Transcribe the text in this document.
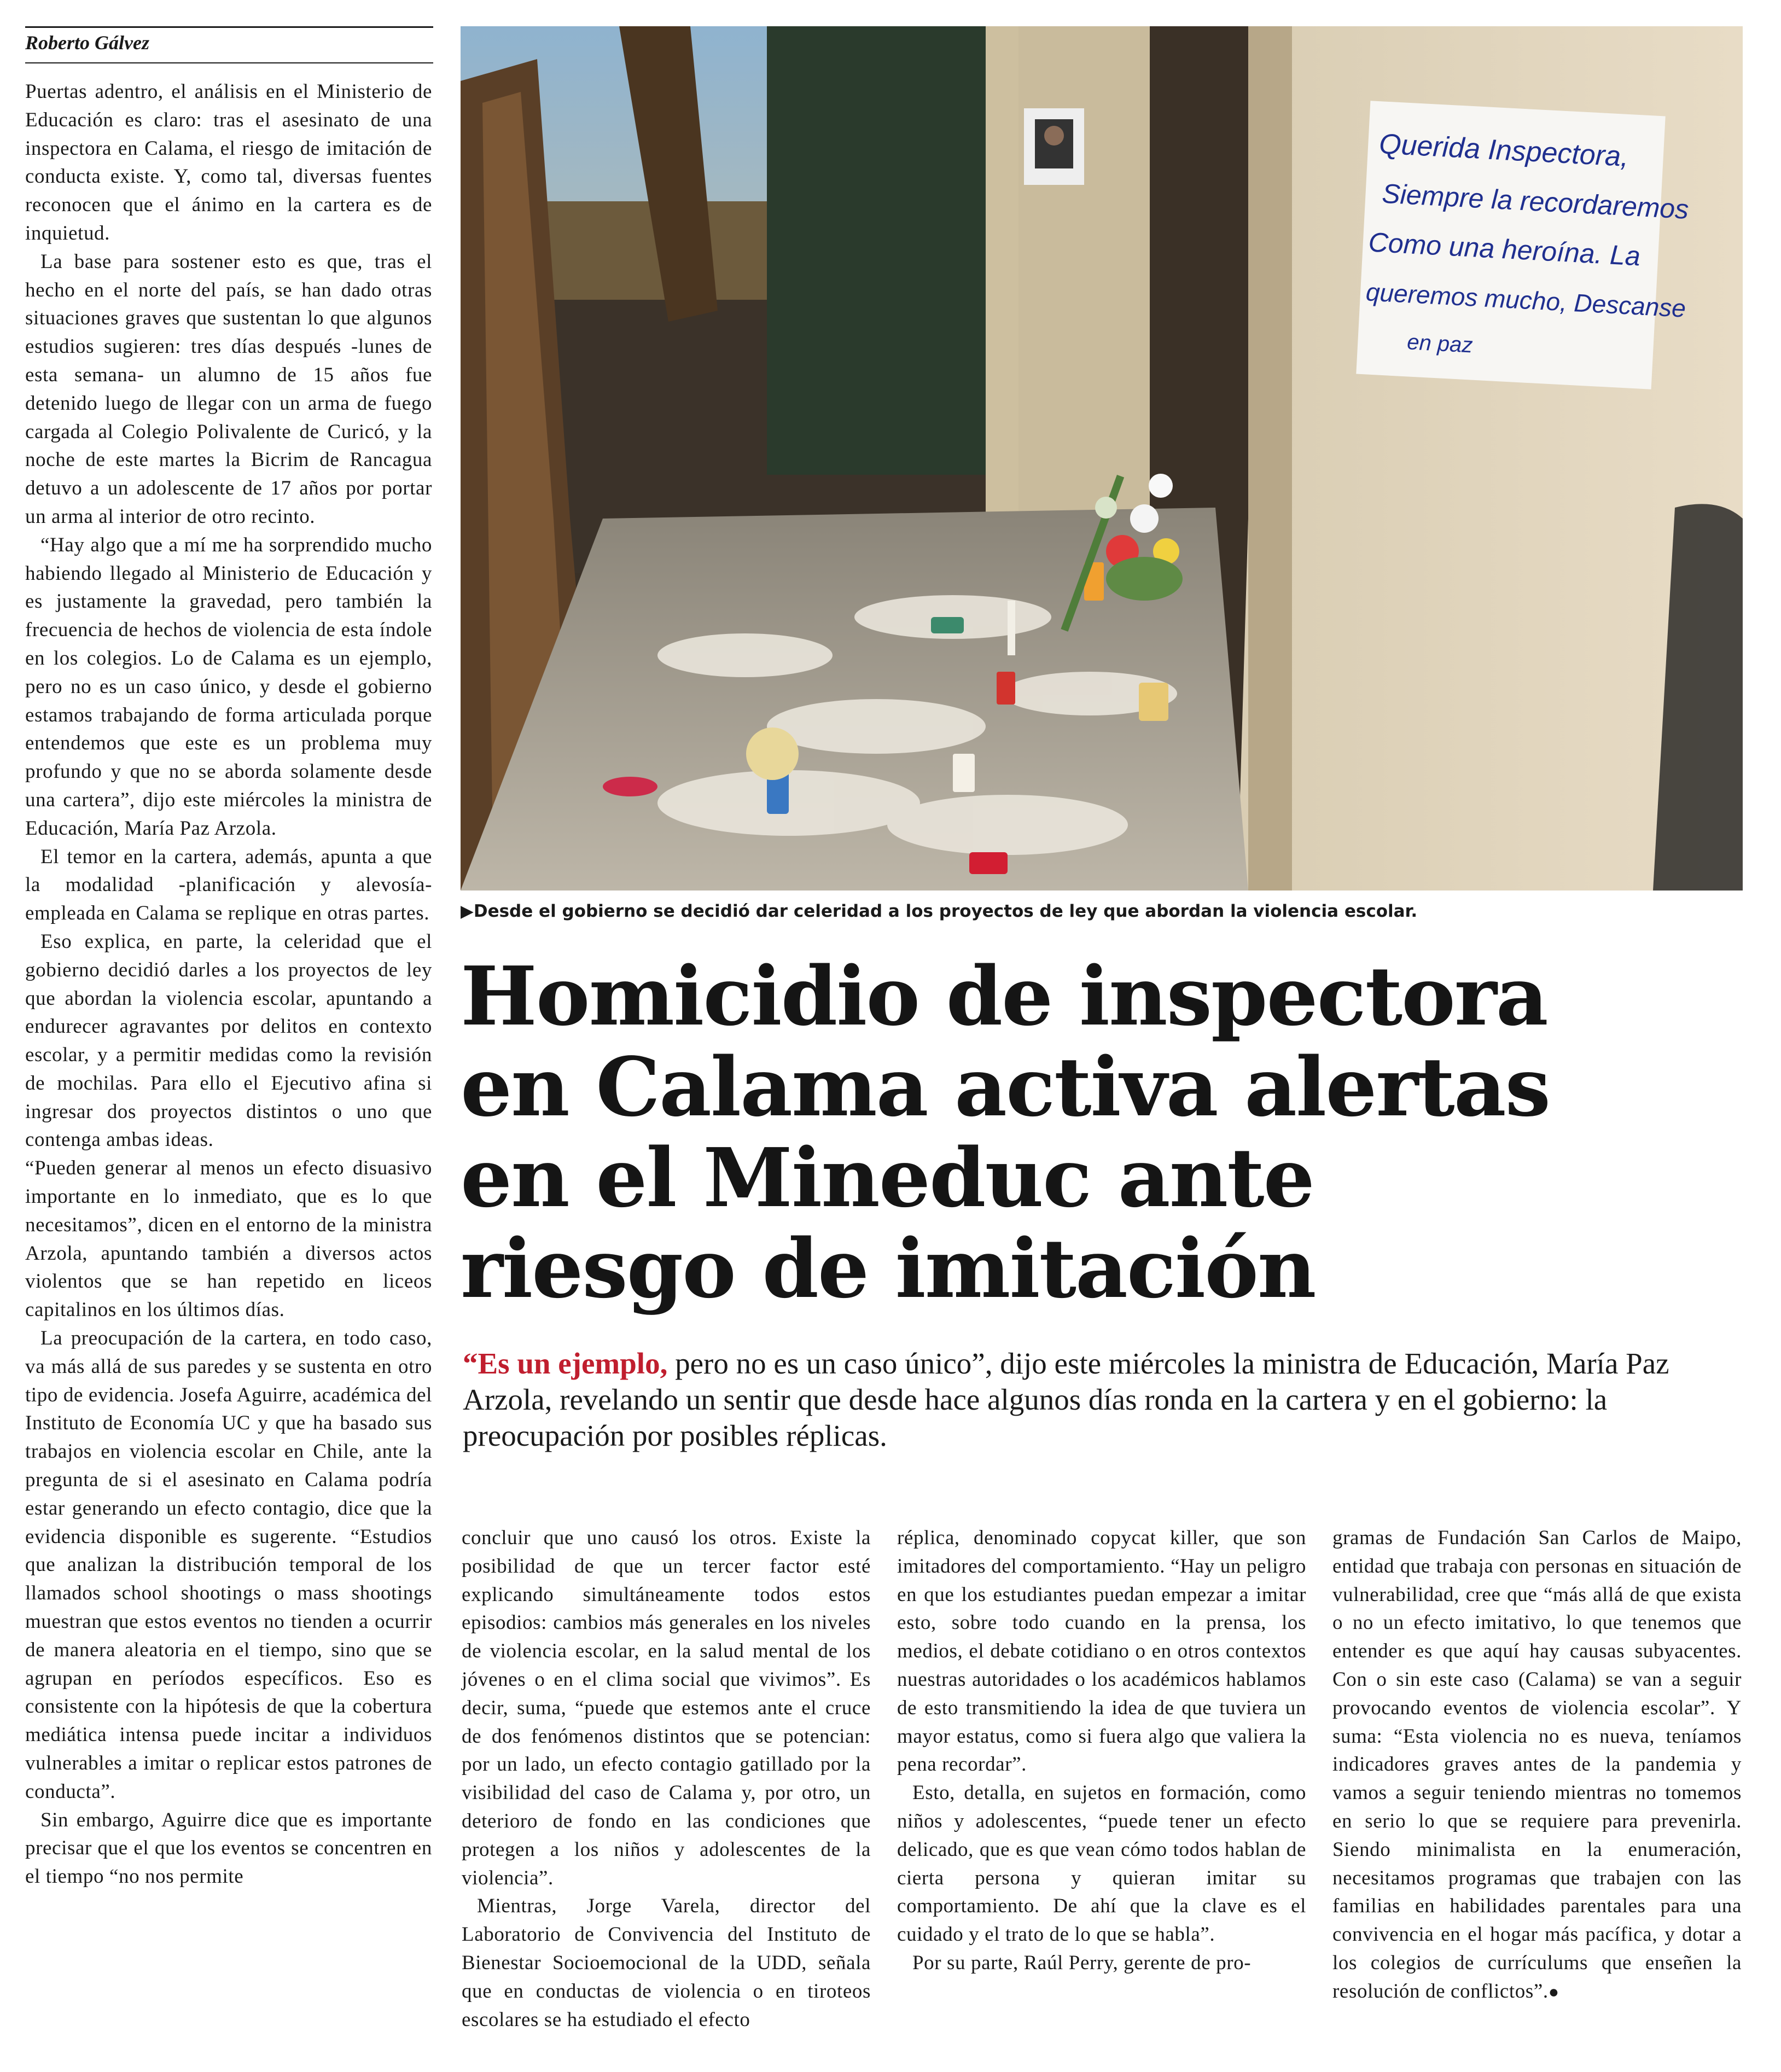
Roberto Gálvez

Puertas adentro, el análisis en el Ministerio de Educación es claro: tras el asesinato de una inspectora en Calama, el riesgo de imitación de conducta existe. Y, como tal, diversas fuentes reconocen que el ánimo en la cartera es de inquietud.

La base para sostener esto es que, tras el hecho en el norte del país, se han dado otras situaciones graves que sustentan lo que algunos estudios sugieren: tres días después -lunes de esta semana- un alumno de 15 años fue detenido luego de llegar con un arma de fuego cargada al Colegio Polivalente de Curicó, y la noche de este martes la Bicrim de Rancagua detuvo a un adolescente de 17 años por portar un arma al interior de otro recinto.

“Hay algo que a mí me ha sorprendido mucho habiendo llegado al Ministerio de Educación y es justamente la gravedad, pero también la frecuencia de hechos de violencia de esta índole en los colegios. Lo de Calama es un ejemplo, pero no es un caso único, y desde el gobierno estamos trabajando de forma articulada porque entendemos que este es un problema muy profundo y que no se aborda solamente desde una cartera”, dijo este miércoles la ministra de Educación, María Paz Arzola.

El temor en la cartera, además, apunta a que la modalidad -planificación y alevosía- empleada en Calama se replique en otras partes.

Eso explica, en parte, la celeridad que el gobierno decidió darles a los proyectos de ley que abordan la violencia escolar, apuntando a endurecer agravantes por delitos en contexto escolar, y a permitir medidas como la revisión de mochilas. Para ello el Ejecutivo afina si ingresar dos proyectos distintos o uno que contenga ambas ideas.

“Pueden generar al menos un efecto disuasivo importante en lo inmediato, que es lo que necesitamos”, dicen en el entorno de la ministra Arzola, apuntando también a diversos actos violentos que se han repetido en liceos capitalinos en los últimos días.

La preocupación de la cartera, en todo caso, va más allá de sus paredes y se sustenta en otro tipo de evidencia. Josefa Aguirre, académica del Instituto de Economía UC y que ha basado sus trabajos en violencia escolar en Chile, ante la pregunta de si el asesinato en Calama podría estar generando un efecto contagio, dice que la evidencia disponible es sugerente. “Estudios que analizan la distribución temporal de los llamados school shootings o mass shootings muestran que estos eventos no tienden a ocurrir de manera aleatoria en el tiempo, sino que se agrupan en períodos específicos. Eso es consistente con la hipótesis de que la cobertura mediática intensa puede incitar a individuos vulnerables a imitar o replicar estos patrones de conducta”.

Sin embargo, Aguirre dice que es importante precisar que el que los eventos se concentren en el tiempo “no nos permite

Querida Inspectora,
Siempre la recordaremos
Como una heroína. La
queremos mucho, Descanse
en paz
▶Desde el gobierno se decidió dar celeridad a los proyectos de ley que abordan la violencia escolar.
Homicidio de inspectora
en Calama activa alertas
en el Mineduc ante
riesgo de imitación
“Es un ejemplo, pero no es un caso único”, dijo este miércoles la ministra de Educación, María Paz Arzola, revelando un sentir que desde hace algunos días ronda en la cartera y en el gobierno: la preocupación por posibles réplicas.

concluir que uno causó los otros. Existe la posibilidad de que un tercer factor esté explicando simultáneamente todos estos episodios: cambios más generales en los niveles de violencia escolar, en la salud mental de los jóvenes o en el clima social que vivimos”. Es decir, suma, “puede que estemos ante el cruce de dos fenómenos distintos que se potencian: por un lado, un efecto contagio gatillado por la visibilidad del caso de Calama y, por otro, un deterioro de fondo en las condiciones que protegen a los niños y adolescentes de la violencia”.

Mientras, Jorge Varela, director del Laboratorio de Convivencia del Instituto de Bienestar Socioemocional de la UDD, señala que en conductas de violencia o en tiroteos escolares se ha estudiado el efecto

réplica, denominado copycat killer, que son imitadores del comportamiento. “Hay un peligro en que los estudiantes puedan empezar a imitar esto, sobre todo cuando en la prensa, los medios, el debate cotidiano o en otros contextos nuestras autoridades o los académicos hablamos de esto transmitiendo la idea de que tuviera un mayor estatus, como si fuera algo que valiera la pena recordar”.

Esto, detalla, en sujetos en formación, como niños y adolescentes, “puede tener un efecto delicado, que es que vean cómo todos hablan de cierta persona y quieran imitar su comportamiento. De ahí que la clave es el cuidado y el trato de lo que se habla”.

Por su parte, Raúl Perry, gerente de pro-

gramas de Fundación San Carlos de Maipo, entidad que trabaja con personas en situación de vulnerabilidad, cree que “más allá de que exista o no un efecto imitativo, lo que tenemos que entender es que aquí hay causas subyacentes. Con o sin este caso (Calama) se van a seguir provocando eventos de violencia escolar”. Y suma: “Esta violencia no es nueva, teníamos indicadores graves antes de la pandemia y vamos a seguir teniendo mientras no tomemos en serio lo que se requiere para prevenirla. Siendo minimalista en la enumeración, necesitamos programas que trabajen con las familias en habilidades parentales para una convivencia en el hogar más pacífica, y dotar a los colegios de currículums que enseñen la resolución de conflictos”.●
